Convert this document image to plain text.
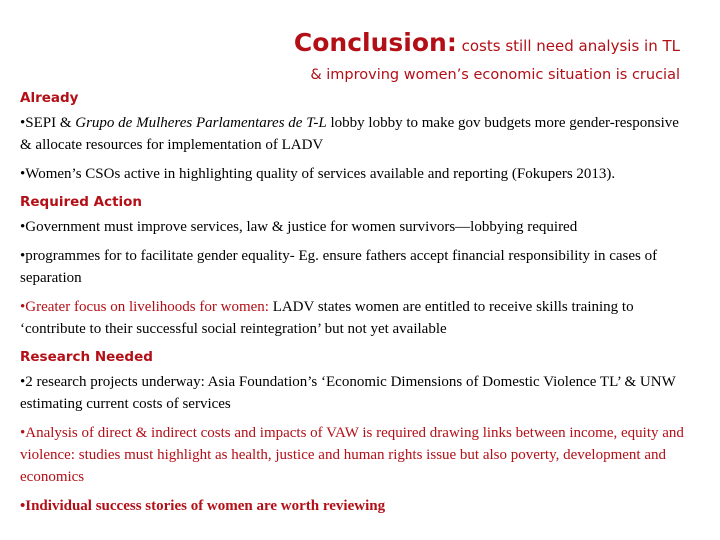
Conclusion: costs still need analysis in TL
& improving women’s economic situation is crucial
Already

•SEPI & Grupo de Mulheres Parlamentares de T-L lobby lobby to make gov budgets more gender-responsive & allocate resources for implementation of LADV

•Women’s CSOs active in highlighting quality of services available and reporting (Fokupers 2013).

Required Action

•Government must improve services, law & justice for women survivors—lobbying required

•programmes for to facilitate gender equality- Eg. ensure fathers accept financial responsibility in cases of separation

•Greater focus on livelihoods for women: LADV states women are entitled to receive skills training to ‘contribute to their successful social reintegration’ but not yet available

Research Needed

•2 research projects underway: Asia Foundation’s ‘Economic Dimensions of Domestic Violence TL’ & UNW estimating current costs of services

•Analysis of direct & indirect costs and impacts of VAW is required drawing links between income, equity and violence: studies must highlight as health, justice and human rights issue but also poverty, development and economics

•Individual success stories of women are worth reviewing
